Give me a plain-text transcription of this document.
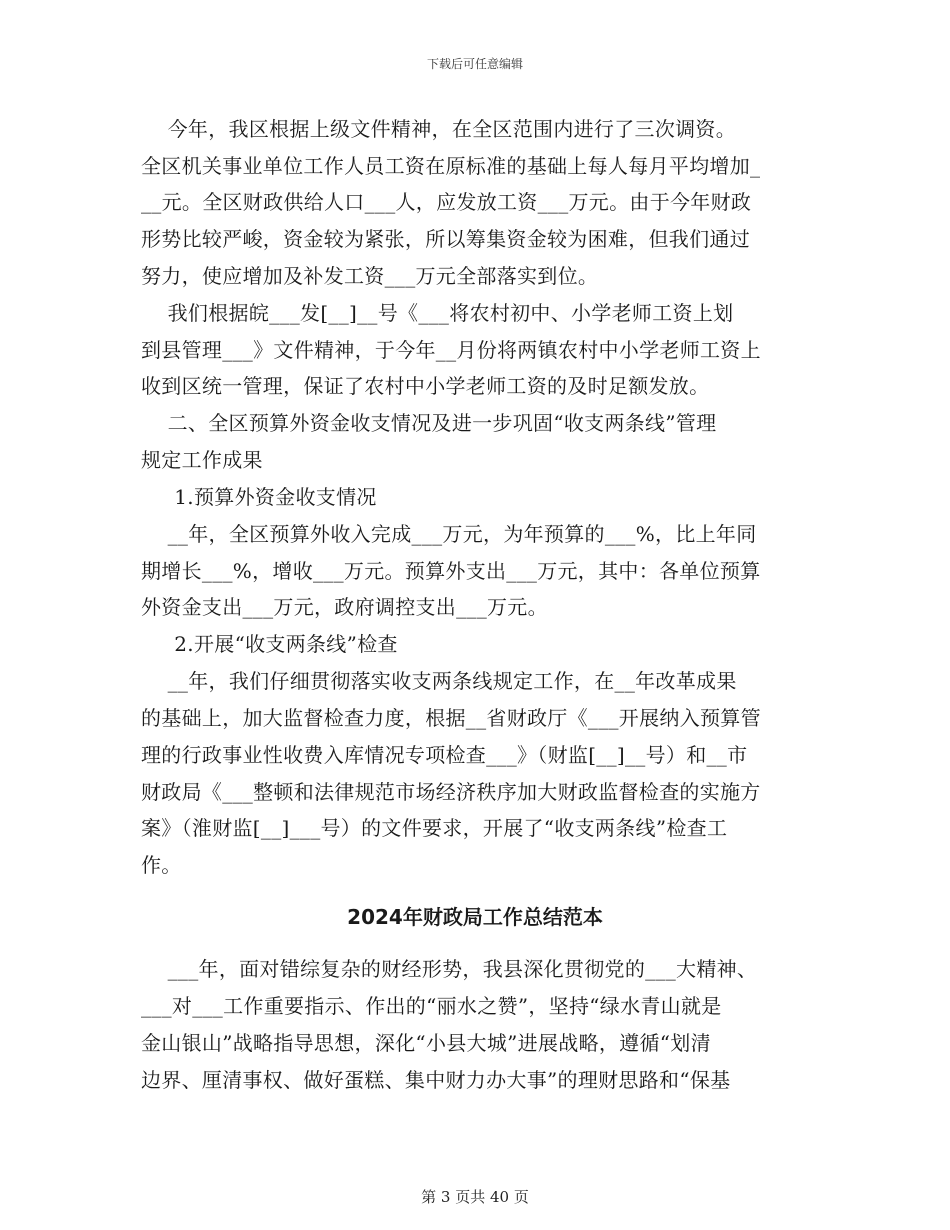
下载后可任意编辑
今年，我区根据上级文件精神，在全区范围内进行了三次调资。
全区机关事业单位工作人员工资在原标准的基础上每人每月平均增加_
__元。全区财政供给人口___人，应发放工资___万元。由于今年财政
形势比较严峻，资金较为紧张，所以筹集资金较为困难，但我们通过
努力，使应增加及补发工资___万元全部落实到位。
我们根据皖___发[__]__号《___将农村初中、小学老师工资上划
到县管理___》文件精神，于今年__月份将两镇农村中小学老师工资上
收到区统一管理，保证了农村中小学老师工资的及时足额发放。
二、全区预算外资金收支情况及进一步巩固“收支两条线”管理
规定工作成果
1.预算外资金收支情况
__年，全区预算外收入完成___万元，为年预算的___%，比上年同
期增长___%，增收___万元。预算外支出___万元，其中：各单位预算
外资金支出___万元，政府调控支出___万元。
2.开展“收支两条线”检查
__年，我们仔细贯彻落实收支两条线规定工作，在__年改革成果
的基础上，加大监督检查力度，根据__省财政厅《___开展纳入预算管
理的行政事业性收费入库情况专项检查___》（财监[__]__号）和__市
财政局《___整顿和法律规范市场经济秩序加大财政监督检查的实施方
案》（淮财监[__]___号）的文件要求，开展了“收支两条线”检查工
作。
2024年财政局工作总结范本
___年，面对错综复杂的财经形势，我县深化贯彻党的___大精神、
___对___工作重要指示、作出的“丽水之赞”，坚持“绿水青山就是
金山银山”战略指导思想，深化“小县大城”进展战略，遵循“划清
边界、厘清事权、做好蛋糕、集中财力办大事”的理财思路和“保基
第 3 页共 40 页
